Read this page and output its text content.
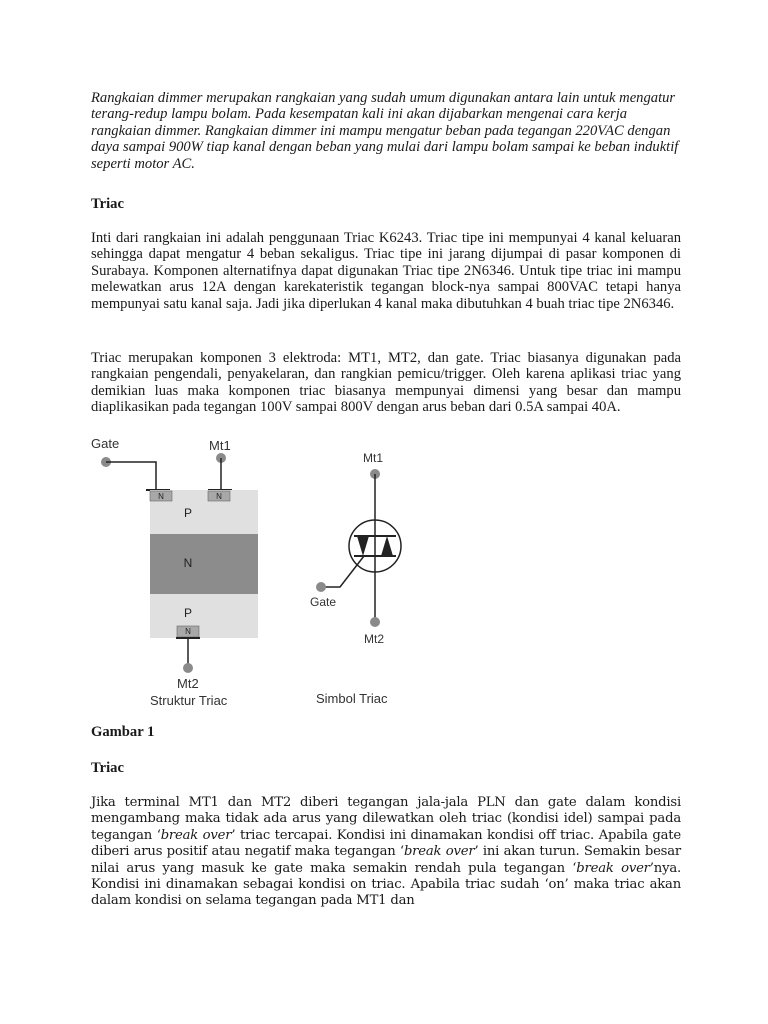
Rangkaian dimmer merupakan rangkaian yang sudah umum digunakan antara lain untuk mengatur terang-redup lampu bolam. Pada kesempatan kali ini akan dijabarkan mengenai cara kerja rangkaian dimmer. Rangkaian dimmer ini mampu mengatur beban pada tegangan 220VAC dengan daya sampai 900W tiap kanal dengan beban yang mulai dari lampu bolam sampai ke beban induktif seperti motor AC.

Triac

Inti dari rangkaian ini adalah penggunaan Triac K6243. Triac tipe ini mempunyai 4 kanal keluaran sehingga dapat mengatur 4 beban sekaligus. Triac tipe ini jarang dijumpai di pasar komponen di Surabaya. Komponen alternatifnya dapat digunakan Triac tipe 2N6346. Untuk tipe triac ini mampu melewatkan arus 12A dengan karekateristik tegangan block-nya sampai 800VAC tetapi hanya mempunyai satu kanal saja. Jadi jika diperlukan 4 kanal maka dibutuhkan 4 buah triac tipe 2N6346.

Triac merupakan komponen 3 elektroda: MT1, MT2, dan gate. Triac biasanya digunakan pada rangkaian pengendali, penyakelaran, dan rangkian pemicu/trigger. Oleh karena aplikasi triac yang demikian luas maka komponen triac biasanya mempunyai dimensi yang besar dan mampu diaplikasikan pada tegangan 100V sampai 800V dengan arus beban dari 0.5A sampai 40A.

Gambar 1

Triac

Jika terminal MT1 dan MT2 diberi tegangan jala-jala PLN dan gate dalam kondisi mengambang maka tidak ada arus yang dilewatkan oleh triac (kondisi idel) sampai pada tegangan ‘break over’ triac tercapai. Kondisi ini dinamakan kondisi off triac. Apabila gate diberi arus positif atau negatif maka tegangan ‘break over’ ini akan turun. Semakin besar nilai arus yang masuk ke gate maka semakin rendah pula tegangan ‘break over’nya. Kondisi ini dinamakan sebagai kondisi on triac. Apabila triac sudah ‘on’ maka triac akan dalam kondisi on selama tegangan pada MT1 dan

Gate	Mt1
N	N
P
N
P
N
Mt2
Struktur Triac
Mt1
Gate
Mt2
Simbol Triac
